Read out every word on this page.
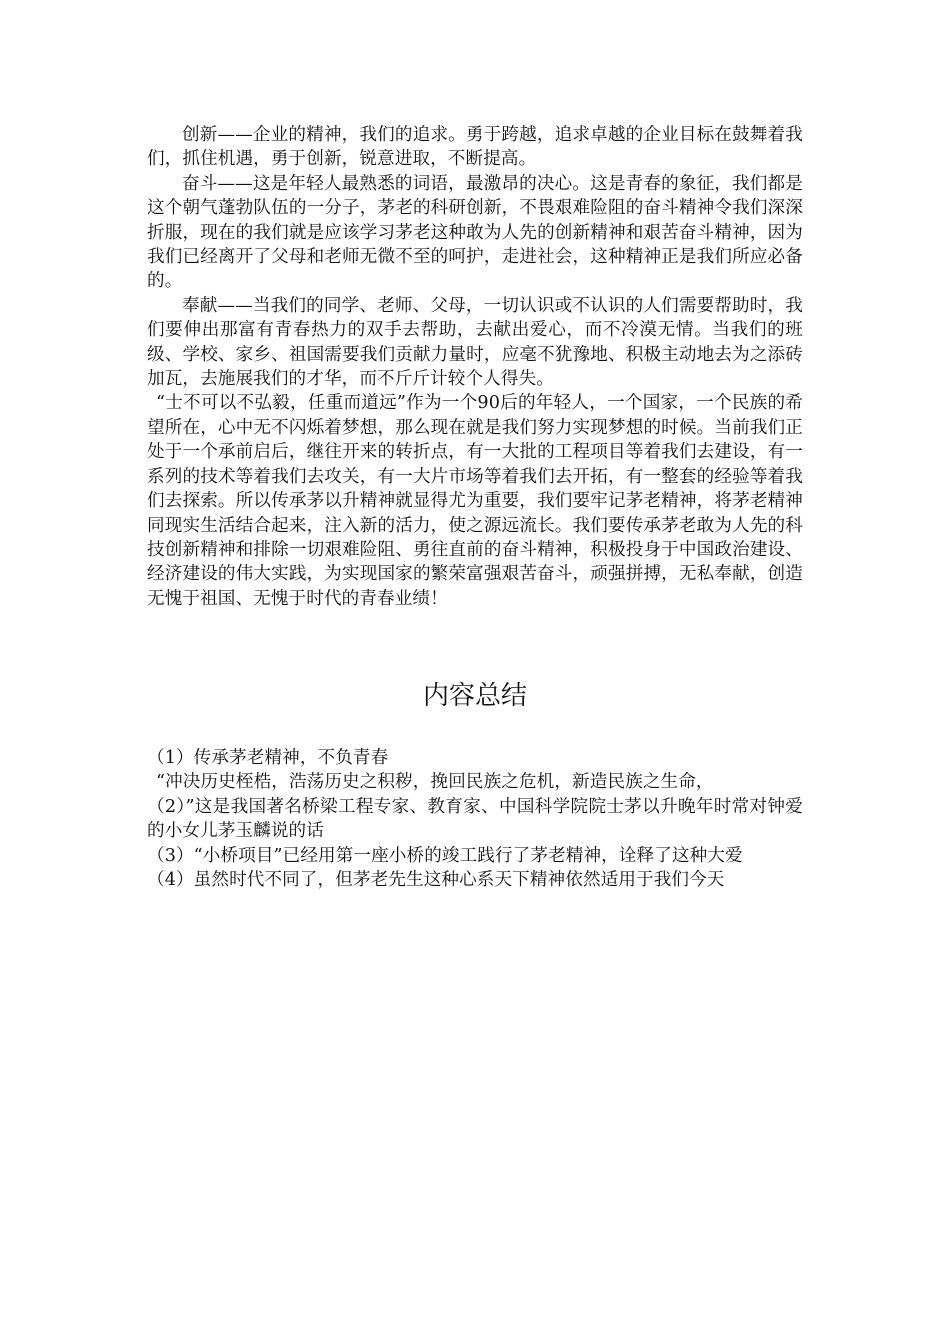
创新——企业的精神，我们的追求。勇于跨越，追求卓越的企业目标在鼓舞着我们，抓住机遇，勇于创新，锐意进取，不断提高。

奋斗——这是年轻人最熟悉的词语，最激昂的决心。这是青春的象征，我们都是这个朝气蓬勃队伍的一分子，茅老的科研创新，不畏艰难险阻的奋斗精神令我们深深折服，现在的我们就是应该学习茅老这种敢为人先的创新精神和艰苦奋斗精神，因为我们已经离开了父母和老师无微不至的呵护，走进社会，这种精神正是我们所应必备的。

奉献——当我们的同学、老师、父母，一切认识或不认识的人们需要帮助时，我们要伸出那富有青春热力的双手去帮助，去献出爱心，而不冷漠无情。当我们的班级、学校、家乡、祖国需要我们贡献力量时，应毫不犹豫地、积极主动地去为之添砖加瓦，去施展我们的才华，而不斤斤计较个人得失。

“士不可以不弘毅，任重而道远”作为一个90后的年轻人，一个国家，一个民族的希望所在，心中无不闪烁着梦想，那么现在就是我们努力实现梦想的时候。当前我们正处于一个承前启后，继往开来的转折点，有一大批的工程项目等着我们去建设，有一系列的技术等着我们去攻关，有一大片市场等着我们去开拓，有一整套的经验等着我们去探索。所以传承茅以升精神就显得尤为重要，我们要牢记茅老精神，将茅老精神同现实生活结合起来，注入新的活力，使之源远流长。我们要传承茅老敢为人先的科技创新精神和排除一切艰难险阻、勇往直前的奋斗精神，积极投身于中国政治建设、经济建设的伟大实践，为实现国家的繁荣富强艰苦奋斗，顽强拼搏，无私奉献，创造无愧于祖国、无愧于时代的青春业绩！

内容总结

（1）传承茅老精神，不负青春

“冲决历史桎梏，浩荡历史之积秽，挽回民族之危机，新造民族之生命，

（2）”这是我国著名桥梁工程专家、教育家、中国科学院院士茅以升晚年时常对钟爱的小女儿茅玉麟说的话

（3）“小桥项目”已经用第一座小桥的竣工践行了茅老精神，诠释了这种大爱

（4）虽然时代不同了，但茅老先生这种心系天下精神依然适用于我们今天
